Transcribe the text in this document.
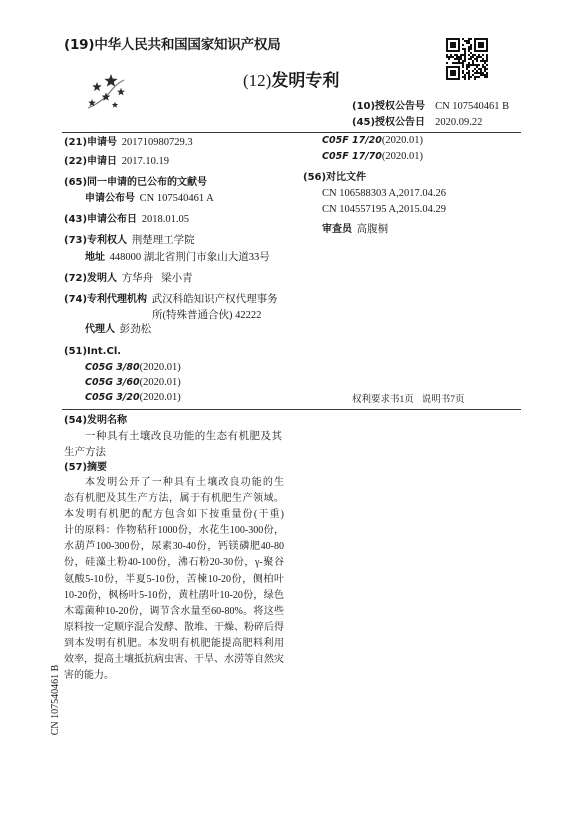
(19)中华人民共和国国家知识产权局
(12)发明专利
(10)授权公告号 CN 107540461 B
(45)授权公告日 2020.09.22
(21)申请号 201710980729.3
(22)申请日 2017.10.19
(65)同一申请的已公布的文献号
申请公布号 CN 107540461 A
(43)申请公布日 2018.01.05
(73)专利权人 荆楚理工学院
地址 448000 湖北省荆门市象山大道33号
(72)发明人 方华舟 梁小青
(74)专利代理机构 武汉科皓知识产权代理事务
所(特殊普通合伙) 42222
代理人 彭劲松
(51)Int.Cl.
C05G 3/80(2020.01)
C05G 3/60(2020.01)
C05G 3/20(2020.01)
C05F 17/20(2020.01)
C05F 17/70(2020.01)
(56)对比文件
CN 106588303 A,2017.04.26
CN 104557195 A,2015.04.29
审查员 高腹桐
权利要求书1页 说明书7页
(54)发明名称
一种具有土壤改良功能的生态有机肥及其
生产方法
(57)摘要
本发明公开了一种具有土壤改良功能的生
态有机肥及其生产方法，属于有机肥生产领域。
本发明有机肥的配方包含如下按重量份(干重)
计的原料：作物秸秆1000份，水花生100-300份，
水葫芦100-300份，尿素30-40份，钙镁磷肥40-80
份，硅藻土粉40-100份，沸石粉20-30份，γ-聚谷
氨酸5-10份，半夏5-10份，苦楝10-20份，侧柏叶
10-20份，枫杨叶5-10份，黄杜鹃叶10-20份，绿色
木霉菌种10-20份，调节含水量至60-80%。将这些
原料按一定顺序混合发酵、散堆、干燥、粉碎后得
到本发明有机肥。本发明有机肥能提高肥料利用
效率，提高土壤抵抗病虫害、干旱、水涝等自然灾
害的能力。
CN 107540461 B
